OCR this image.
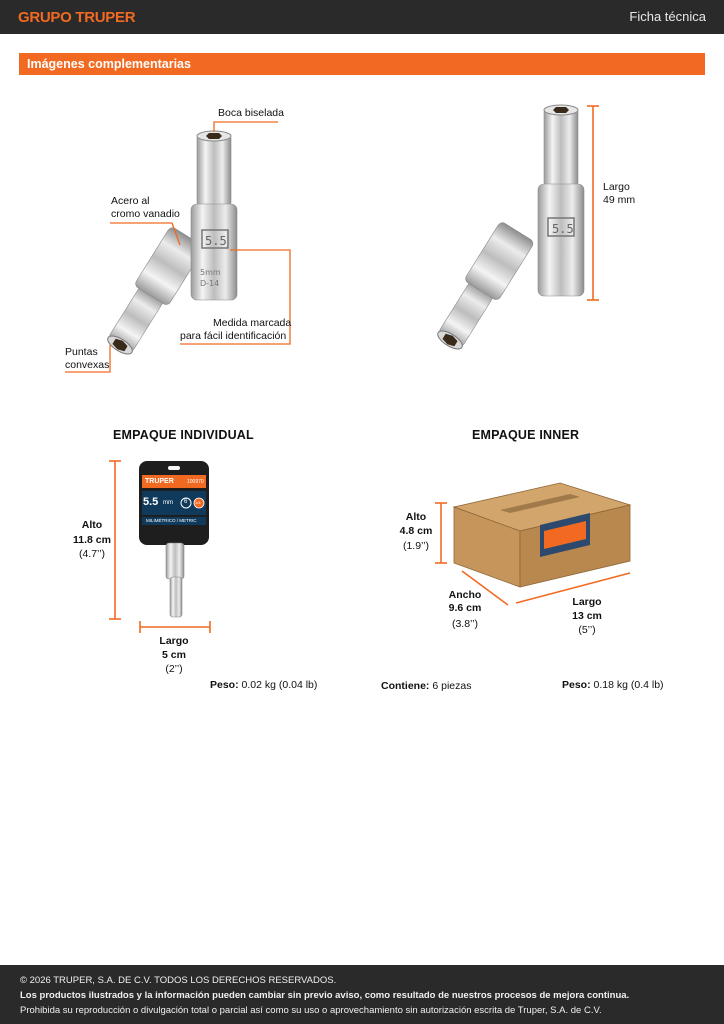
GRUPO TRUPER	Ficha técnica
Imágenes complementarias
5.5
5mm
D-14
Boca biselada
Acero al
cromo vanadio
Medida marcada
para fácil identificación
Puntas
convexas
5.5
Largo
49 mm
EMPAQUE INDIVIDUAL	EMPAQUE INNER
TRUPER	100970
5.5 mm 6 1/4
MILIMÉTRICO / METRIC
Alto
11.8 cm
(4.7’’)
Largo
5 cm
(2’’)
Peso: 0.02 kg (0.04 lb)
Alto
4.8 cm
(1.9’’)
Ancho
9.6 cm
(3.8’’)
Largo
13 cm
(5’’)
Contiene: 6 piezas	Peso: 0.18 kg (0.4 lb)
© 2026 TRUPER, S.A. DE C.V. TODOS LOS DERECHOS RESERVADOS.
Los productos ilustrados y la información pueden cambiar sin previo aviso, como resultado de nuestros procesos de mejora continua.
Prohibida su reproducción o divulgación total o parcial así como su uso o aprovechamiento sin autorización escrita de Truper, S.A. de C.V.
